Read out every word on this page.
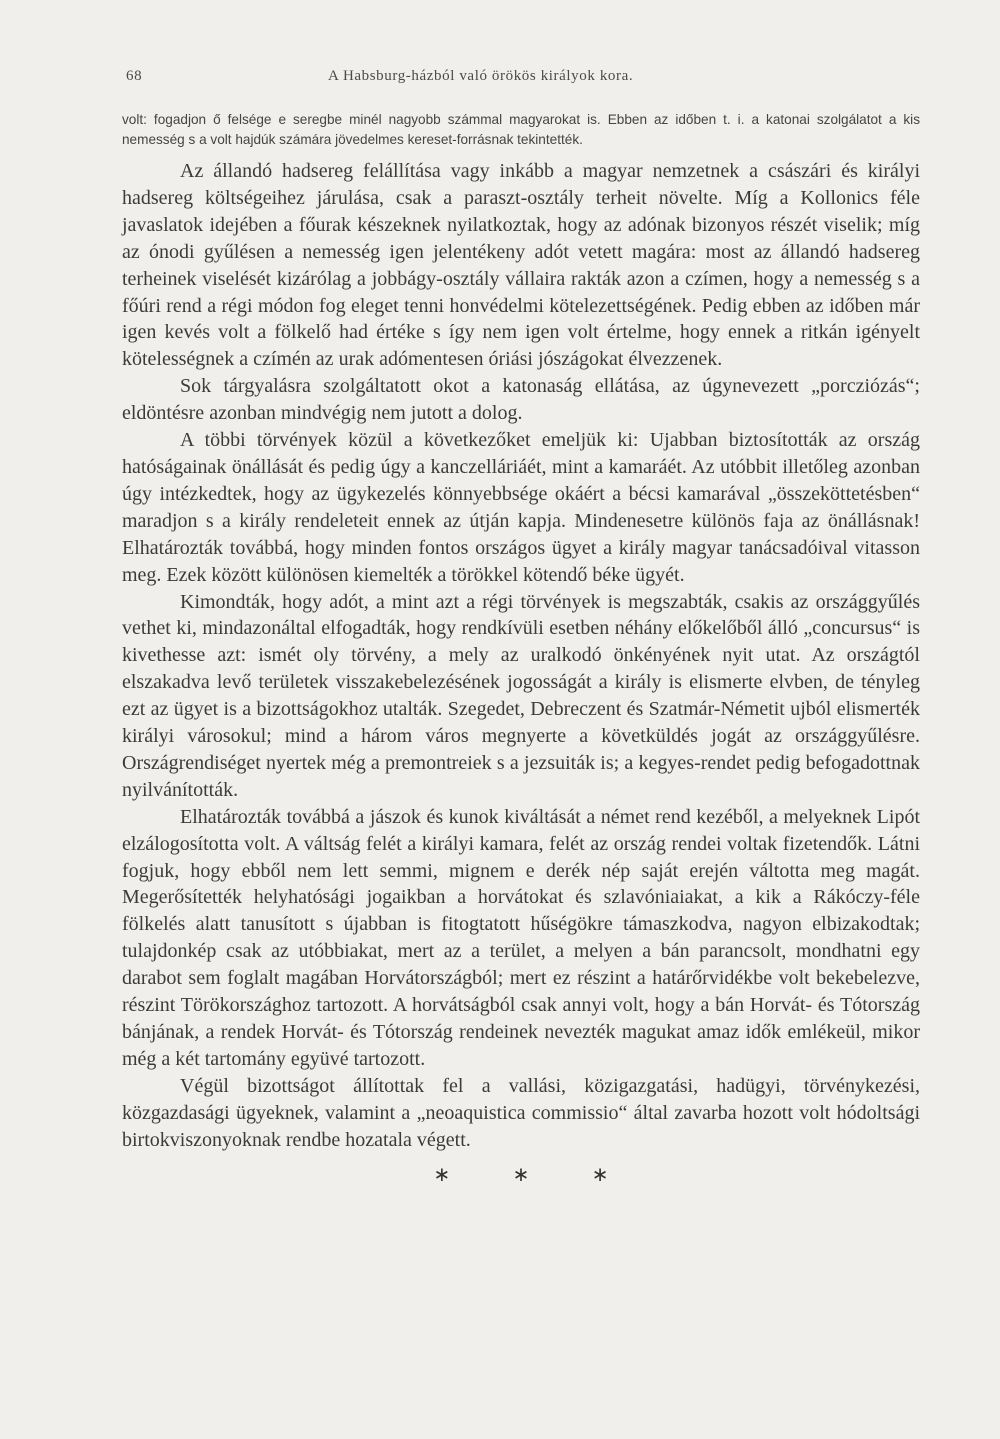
68	A Habsburg-házból való örökös királyok kora.
volt: fogadjon ő felsége e seregbe minél nagyobb számmal magyarokat is. Ebben az időben t. i. a katonai szolgálatot a kis nemesség s a volt hajdúk számára jövedelmes kereset-forrásnak tekintették.

Az állandó hadsereg felállítása vagy inkább a magyar nemzetnek a császári és királyi hadsereg költségeihez járulása, csak a paraszt-osztály terheit növelte. Míg a Kollonics féle javaslatok idejében a főurak készeknek nyilatkoztak, hogy az adónak bizonyos részét viselik; míg az ónodi gyűlésen a nemesség igen jelentékeny adót vetett magára: most az állandó hadsereg terheinek viselését kizárólag a jobbágy-osztály vállaira rakták azon a czímen, hogy a nemesség s a főúri rend a régi módon fog eleget tenni honvédelmi kötelezettségének. Pedig ebben az időben már igen kevés volt a fölkelő had értéke s így nem igen volt értelme, hogy ennek a ritkán igényelt kötelességnek a czímén az urak adómentesen óriási jószágokat élvezzenek.

Sok tárgyalásra szolgáltatott okot a katonaság ellátása, az úgynevezett „porcziózás“; eldöntésre azonban mindvégig nem jutott a dolog.

A többi törvények közül a következőket emeljük ki: Ujabban biztosították az ország hatóságainak önállását és pedig úgy a kanczelláriáét, mint a kamaráét. Az utóbbit illetőleg azonban úgy intézkedtek, hogy az ügykezelés könnyebbsége okáért a bécsi kamarával „összeköttetésben“ maradjon s a király rendeleteit ennek az útján kapja. Mindenesetre különös faja az önállásnak! Elhatározták továbbá, hogy minden fontos országos ügyet a király magyar tanácsadóival vitasson meg. Ezek között különösen kiemelték a törökkel kötendő béke ügyét.

Kimondták, hogy adót, a mint azt a régi törvények is megszabták, csakis az országgyűlés vethet ki, mindazonáltal elfogadták, hogy rendkívüli esetben néhány előkelőből álló „concursus“ is kivethesse azt: ismét oly törvény, a mely az uralkodó önkényének nyit utat. Az országtól elszakadva levő területek visszakebelezésének jogosságát a király is elismerte elvben, de tényleg ezt az ügyet is a bizottságokhoz utalták. Szegedet, Debreczent és Szatmár-Németit ujból elismerték királyi városokul; mind a három város megnyerte a követküldés jogát az országgyűlésre. Országrendiséget nyertek még a premontreiek s a jezsuiták is; a kegyes-rendet pedig befogadottnak nyilvánították.

Elhatározták továbbá a jászok és kunok kiváltását a német rend kezéből, a melyeknek Lipót elzálogosította volt. A váltság felét a királyi kamara, felét az ország rendei voltak fizetendők. Látni fogjuk, hogy ebből nem lett semmi, mignem e derék nép saját erején váltotta meg magát. Megerősítették helyhatósági jogaikban a horvátokat és szlavóniaiakat, a kik a Rákóczy-féle fölkelés alatt tanusított s újabban is fitogtatott hűségökre támaszkodva, nagyon elbizakodtak; tulajdonkép csak az utóbbiakat, mert az a terület, a melyen a bán parancsolt, mondhatni egy darabot sem foglalt magában Horvátországból; mert ez részint a határőrvidékbe volt bekebelezve, részint Törökországhoz tartozott. A horvátságból csak annyi volt, hogy a bán Horvát- és Tótország bánjának, a rendek Horvát- és Tótország rendeinek nevezték magukat amaz idők emlékeül, mikor még a két tartomány együvé tartozott.

Végül bizottságot állítottak fel a vallási, közigazgatási, hadügyi, törvénykezési, közgazdasági ügyeknek, valamint a „neoaquistica commissio“ által zavarba hozott volt hódoltsági birtokviszonyoknak rendbe hozatala végett.

∗ ∗ ∗
